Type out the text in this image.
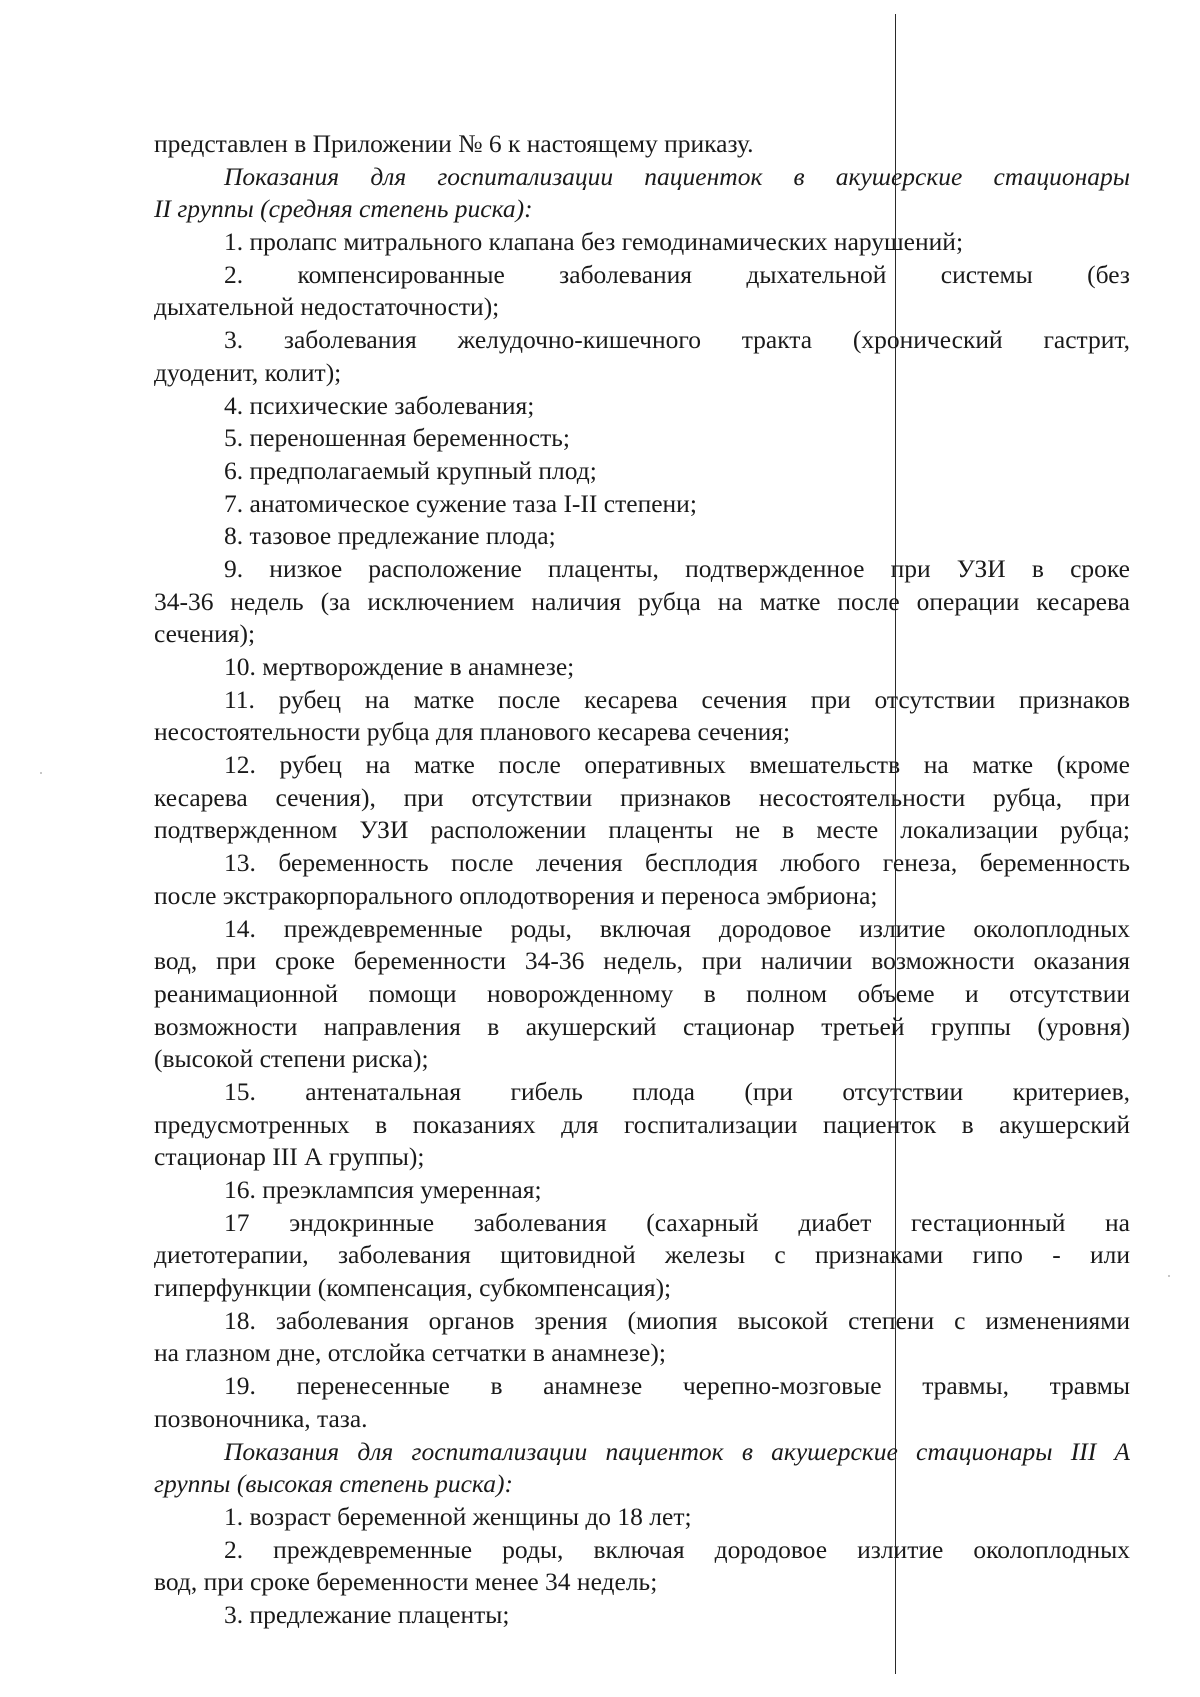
представлен в Приложении № 6 к настоящему приказу.
Показания для госпитализации пациенток в акушерские стационары
II группы (средняя степень риска):
1. пролапс митрального клапана без гемодинамических нарушений;
2. компенсированные заболевания дыхательной системы (без
дыхательной недостаточности);
3. заболевания желудочно-кишечного тракта (хронический гастрит,
дуоденит, колит);
4. психические заболевания;
5. переношенная беременность;
6. предполагаемый крупный плод;
7. анатомическое сужение таза I-II степени;
8. тазовое предлежание плода;
9. низкое расположение плаценты, подтвержденное при УЗИ в сроке
34-36 недель (за исключением наличия рубца на матке после операции кесарева
сечения);
10. мертворождение в анамнезе;
11. рубец на матке после кесарева сечения при отсутствии признаков
несостоятельности рубца для планового кесарева сечения;
12. рубец на матке после оперативных вмешательств на матке (кроме
кесарева сечения), при отсутствии признаков несостоятельности рубца, при
подтвержденном УЗИ расположении плаценты не в месте локализации рубца;
13. беременность после лечения бесплодия любого генеза, беременность
после экстракорпорального оплодотворения и переноса эмбриона;
14. преждевременные роды, включая дородовое излитие околоплодных
вод, при сроке беременности 34-36 недель, при наличии возможности оказания
реанимационной помощи новорожденному в полном объеме и отсутствии
возможности направления в акушерский стационар третьей группы (уровня)
(высокой степени риска);
15. антенатальная гибель плода (при отсутствии критериев,
предусмотренных в показаниях для госпитализации пациенток в акушерский
стационар III А группы);
16. преэклампсия умеренная;
17 эндокринные заболевания (сахарный диабет гестационный на
диетотерапии, заболевания щитовидной железы с признаками гипо - или
гиперфункции (компенсация, субкомпенсация);
18. заболевания органов зрения (миопия высокой степени с изменениями
на глазном дне, отслойка сетчатки в анамнезе);
19. перенесенные в анамнезе черепно-мозговые травмы, травмы
позвоночника, таза.
Показания для госпитализации пациенток в акушерские стационары III А
группы (высокая степень риска):
1. возраст беременной женщины до 18 лет;
2. преждевременные роды, включая дородовое излитие околоплодных
вод, при сроке беременности менее 34 недель;
3. предлежание плаценты;
